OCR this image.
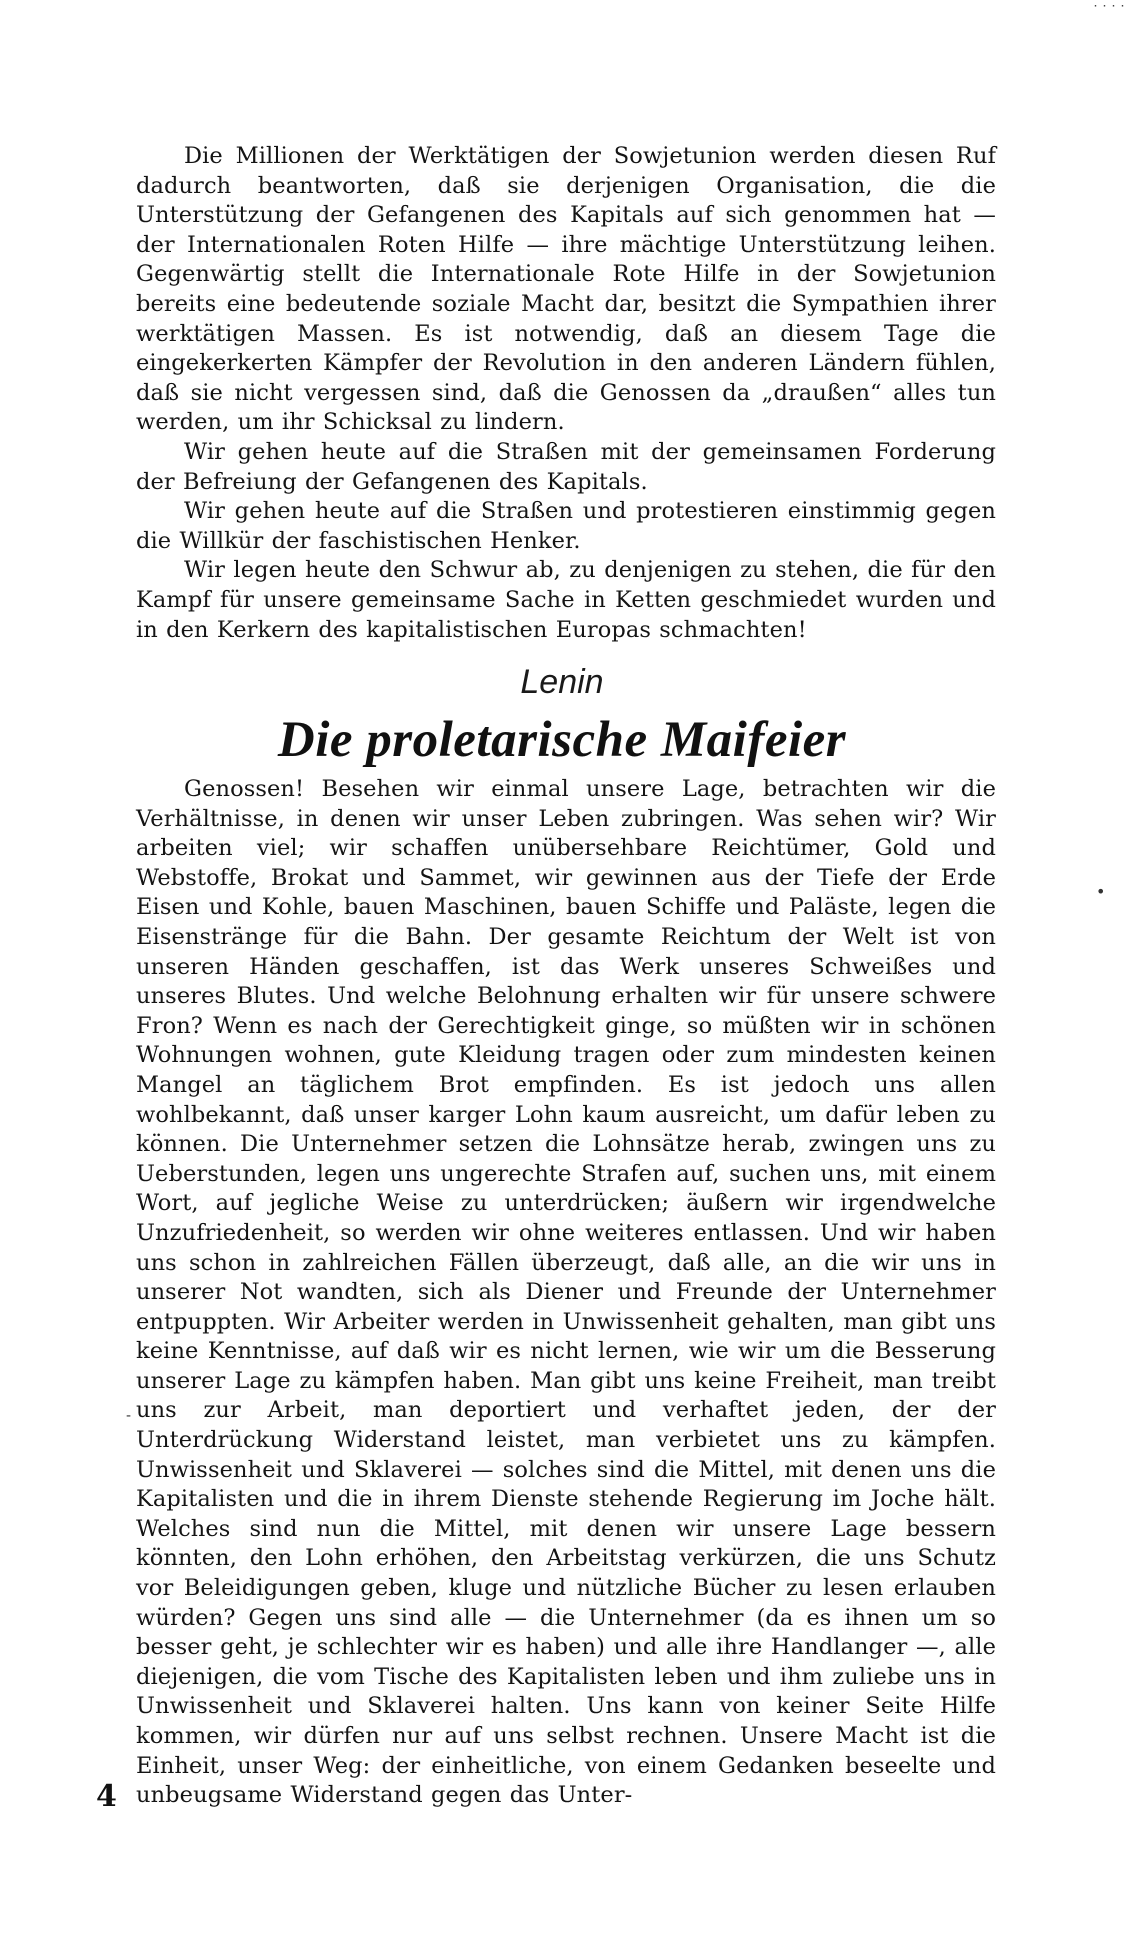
˙˙˙˙

Die Millionen der Werktätigen der Sowjetunion werden diesen Ruf dadurch beantworten, daß sie derjenigen Organisation, die die Unterstützung der Gefangenen des Kapitals auf sich genommen hat — der Internationalen Roten Hilfe — ihre mächtige Unterstützung leihen. Gegenwärtig stellt die Internationale Rote Hilfe in der Sowjetunion bereits eine bedeutende soziale Macht dar, besitzt die Sympathien ihrer werktätigen Massen. Es ist notwendig, daß an diesem Tage die eingekerkerten Kämpfer der Revolution in den anderen Ländern fühlen, daß sie nicht vergessen sind, daß die Genossen da „draußen“ alles tun werden, um ihr Schicksal zu lindern.

Wir gehen heute auf die Straßen mit der gemeinsamen Forderung der Befreiung der Gefangenen des Kapitals.

Wir gehen heute auf die Straßen und protestieren einstimmig gegen die Willkür der faschistischen Henker.

Wir legen heute den Schwur ab, zu denjenigen zu stehen, die für den Kampf für unsere gemeinsame Sache in Ketten geschmiedet wurden und in den Kerkern des kapitalistischen Europas schmachten!

Lenin
Die proletarische Maifeier

Genossen! Besehen wir einmal unsere Lage, betrachten wir die Verhältnisse, in denen wir unser Leben zubringen. Was sehen wir? Wir arbeiten viel; wir schaffen unübersehbare Reichtümer, Gold und Webstoffe, Brokat und Sammet, wir gewinnen aus der Tiefe der Erde Eisen und Kohle, bauen Maschinen, bauen Schiffe und Paläste, legen die Eisenstränge für die Bahn. Der gesamte Reichtum der Welt ist von unseren Händen geschaffen, ist das Werk unseres Schweißes und unseres Blutes. Und welche Belohnung erhalten wir für unsere schwere Fron? Wenn es nach der Gerechtigkeit ginge, so müßten wir in schönen Wohnungen wohnen, gute Kleidung tragen oder zum mindesten keinen Mangel an täglichem Brot empfinden. Es ist jedoch uns allen wohlbekannt, daß unser karger Lohn kaum ausreicht, um dafür leben zu können. Die Unternehmer setzen die Lohnsätze herab, zwingen uns zu Ueberstunden, legen uns ungerechte Strafen auf, suchen uns, mit einem Wort, auf jegliche Weise zu unterdrücken; äußern wir irgendwelche Unzufriedenheit, so werden wir ohne weiteres entlassen. Und wir haben uns schon in zahlreichen Fällen überzeugt, daß alle, an die wir uns in unserer Not wandten, sich als Diener und Freunde der Unternehmer entpuppten. Wir Arbeiter werden in Unwissenheit gehalten, man gibt uns keine Kenntnisse, auf daß wir es nicht lernen, wie wir um die Besserung unserer Lage zu kämpfen haben. Man gibt uns keine Freiheit, man treibt uns zur Arbeit, man deportiert und verhaftet jeden, der der Unterdrückung Widerstand leistet, man verbietet uns zu kämpfen. Unwissenheit und Sklaverei — solches sind die Mittel, mit denen uns die Kapitalisten und die in ihrem Dienste stehende Regierung im Joche hält. Welches sind nun die Mittel, mit denen wir unsere Lage bessern könnten, den Lohn erhöhen, den Arbeitstag verkürzen, die uns Schutz vor Beleidigungen geben, kluge und nützliche Bücher zu lesen erlauben würden? Gegen uns sind alle — die Unternehmer (da es ihnen um so besser geht, je schlechter wir es haben) und alle ihre Handlanger —, alle diejenigen, die vom Tische des Kapitalisten leben und ihm zuliebe uns in Unwissenheit und Sklaverei halten. Uns kann von keiner Seite Hilfe kommen, wir dürfen nur auf uns selbst rechnen. Unsere Macht ist die Einheit, unser Weg: der einheitliche, von einem Gedanken beseelte und unbeugsame Widerstand gegen das Unter-

•
-
4
